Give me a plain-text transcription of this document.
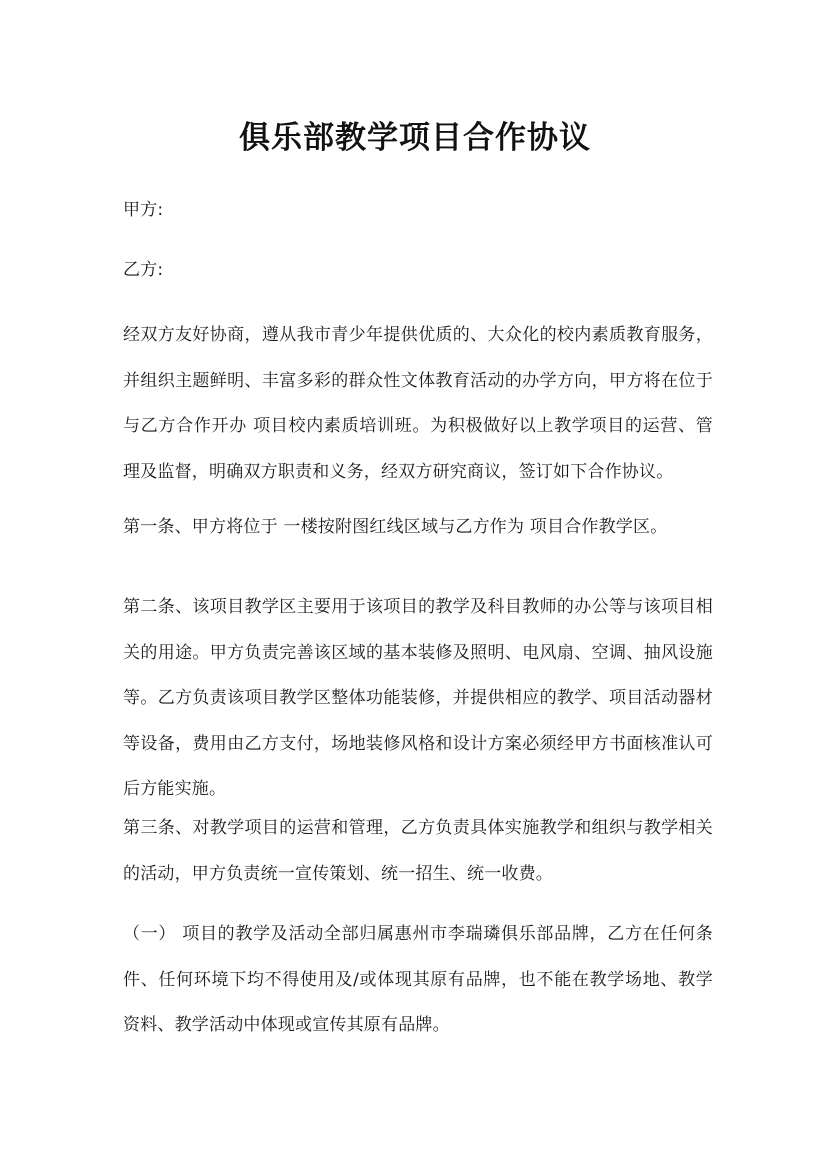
俱乐部教学项目合作协议

甲方:

乙方:

经双方友好协商，遵从我市青少年提供优质的、大众化的校内素质教育服务，并组织主题鲜明、丰富多彩的群众性文体教育活动的办学方向，甲方将在位于 与乙方合作开办 项目校内素质培训班。为积极做好以上教学项目的运营、管理及监督，明确双方职责和义务，经双方研究商议，签订如下合作协议。

第一条、甲方将位于 一楼按附图红线区域与乙方作为 项目合作教学区。

第二条、该项目教学区主要用于该项目的教学及科目教师的办公等与该项目相关的用途。甲方负责完善该区域的基本装修及照明、电风扇、空调、抽风设施等。乙方负责该项目教学区整体功能装修，并提供相应的教学、项目活动器材等设备，费用由乙方支付，场地装修风格和设计方案必须经甲方书面核准认可后方能实施。

第三条、对教学项目的运营和管理，乙方负责具体实施教学和组织与教学相关的活动，甲方负责统一宣传策划、统一招生、统一收费。

（一） 项目的教学及活动全部归属惠州市李瑞璘俱乐部品牌，乙方在任何条件、任何环境下均不得使用及/或体现其原有品牌，也不能在教学场地、教学资料、教学活动中体现或宣传其原有品牌。
